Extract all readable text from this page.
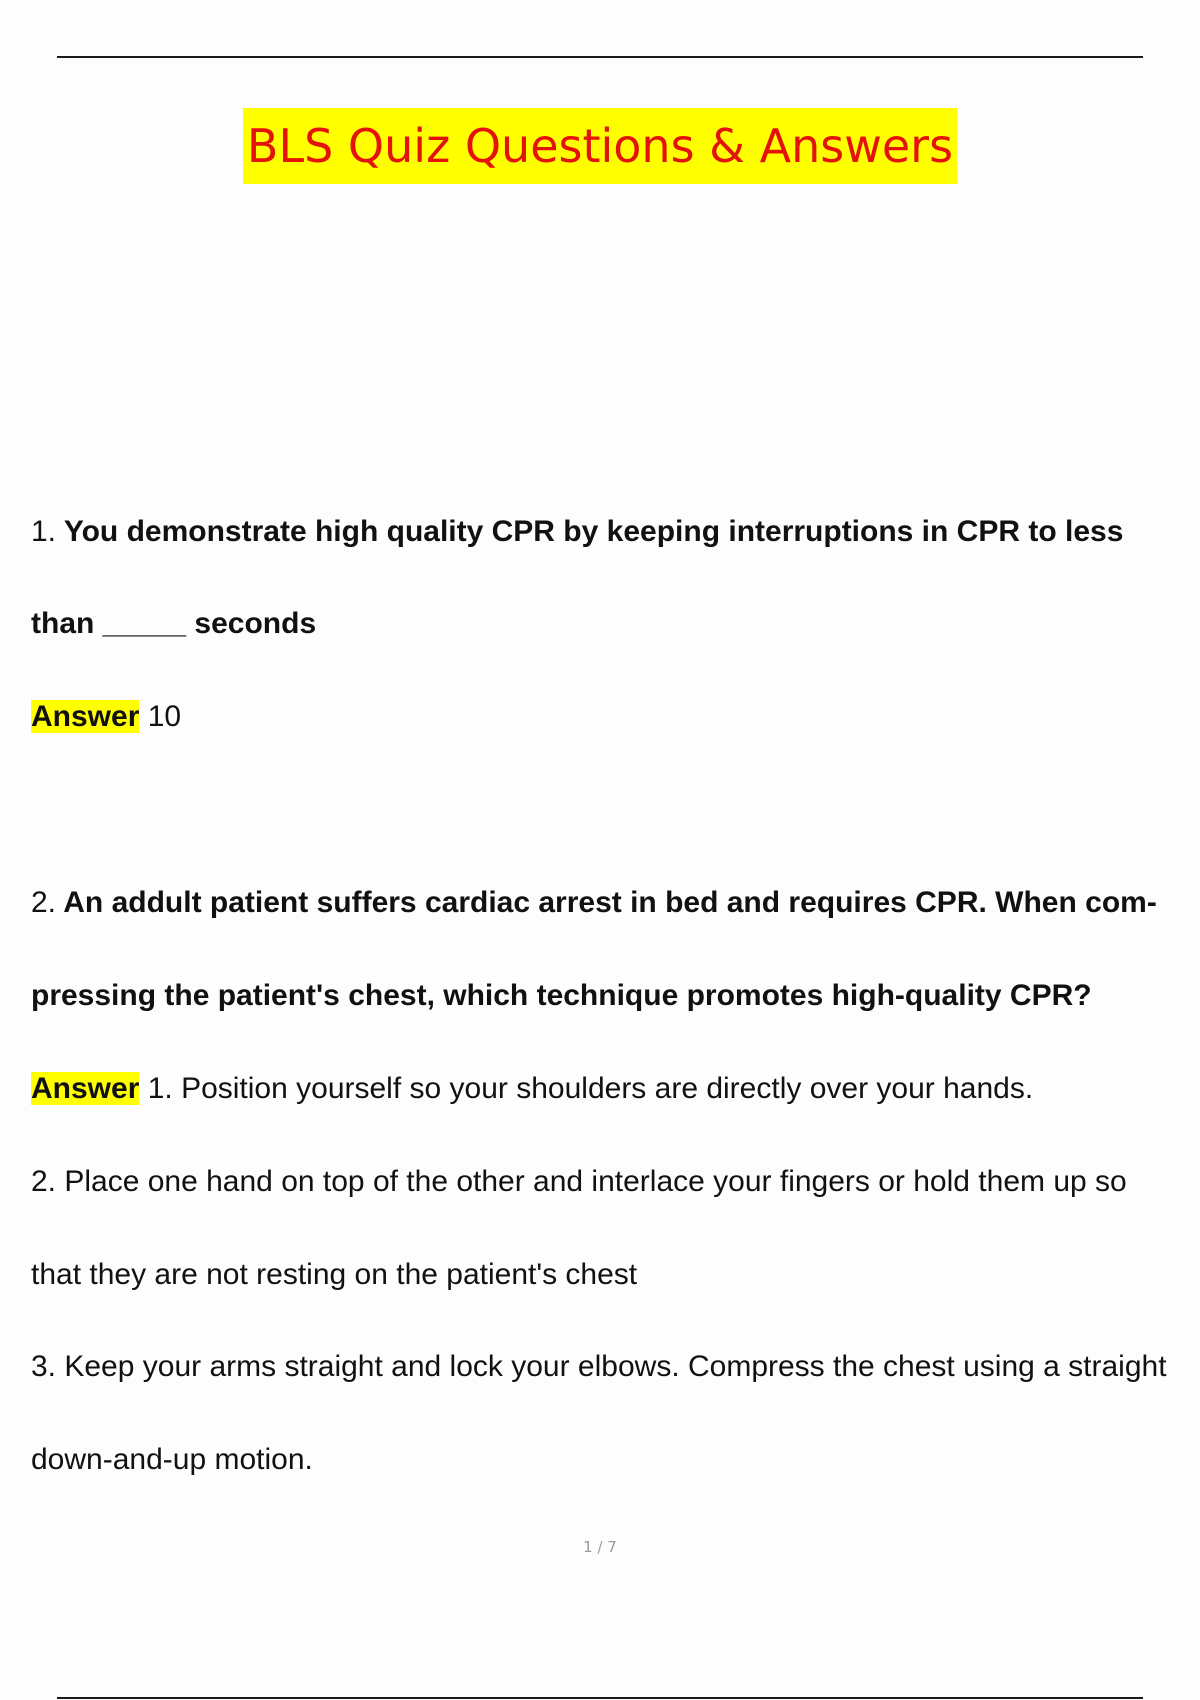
BLS Quiz Questions & Answers
1. You demonstrate high quality CPR by keeping interruptions in CPR to less
than _____ seconds
Answer 10
2. An addult patient suffers cardiac arrest in bed and requires CPR. When com-
pressing the patient's chest, which technique promotes high-quality CPR?
Answer 1. Position yourself so your shoulders are directly over your hands.
2. Place one hand on top of the other and interlace your fingers or hold them up so
that they are not resting on the patient's chest
3. Keep your arms straight and lock your elbows. Compress the chest using a straight
down-and-up motion.
1 / 7
